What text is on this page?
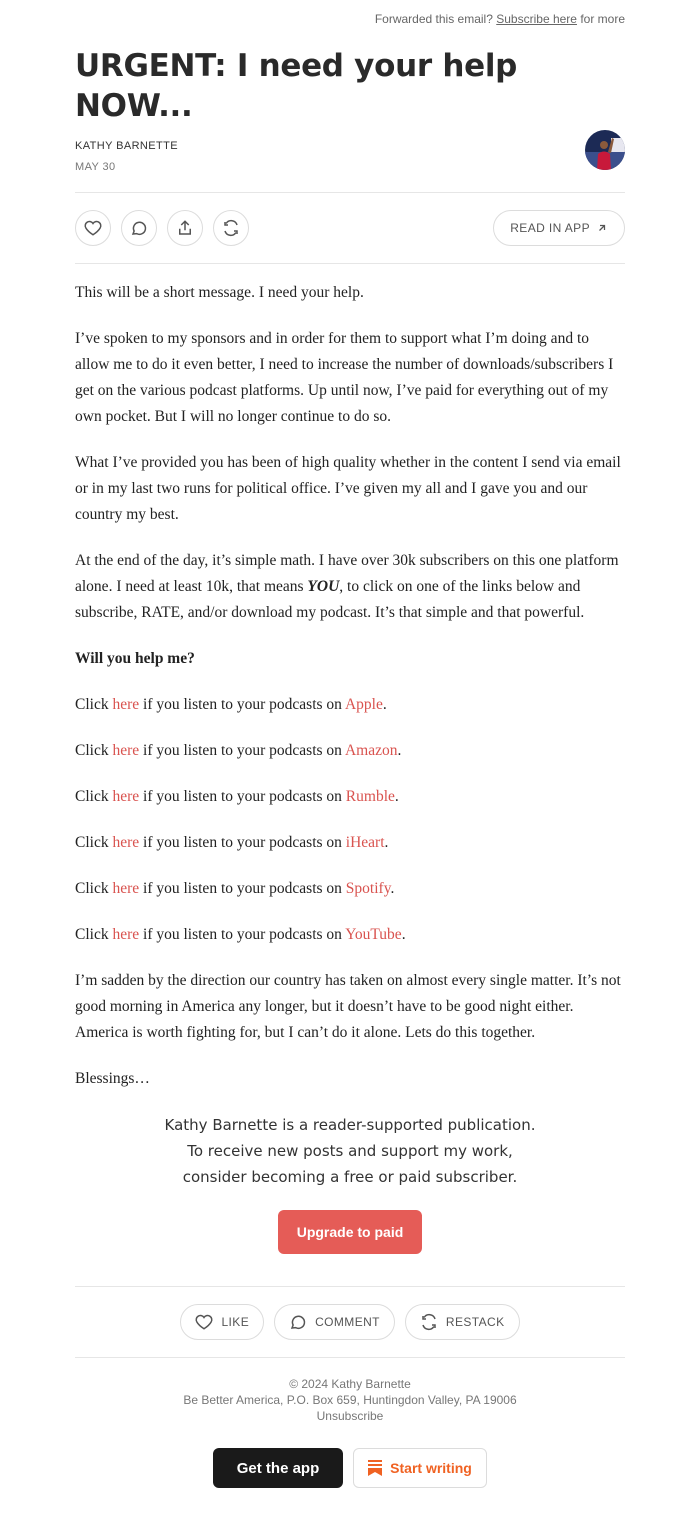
Forwarded this email? Subscribe here for more
URGENT: I need your help NOW...
KATHY BARNETTE
MAY 30
READ IN APP

This will be a short message. I need your help.

I’ve spoken to my sponsors and in order for them to support what I’m doing and to allow me to do it even better, I need to increase the number of downloads/subscribers I get on the various podcast platforms. Up until now, I’ve paid for everything out of my own pocket. But I will no longer continue to do so.

What I’ve provided you has been of high quality whether in the content I send via email or in my last two runs for political office. I’ve given my all and I gave you and our country my best.

At the end of the day, it’s simple math. I have over 30k subscribers on this one platform alone. I need at least 10k, that means YOU, to click on one of the links below and subscribe, RATE, and/or download my podcast. It’s that simple and that powerful.

Will you help me?

Click here if you listen to your podcasts on Apple.

Click here if you listen to your podcasts on Amazon.

Click here if you listen to your podcasts on Rumble.

Click here if you listen to your podcasts on iHeart.

Click here if you listen to your podcasts on Spotify.

Click here if you listen to your podcasts on YouTube.

I’m sadden by the direction our country has taken on almost every single matter. It’s not good morning in America any longer, but it doesn’t have to be good night either. America is worth fighting for, but I can’t do it alone. Lets do this together.

Blessings…

Kathy Barnette is a reader-supported publication. To receive new posts and support my work, consider becoming a free or paid subscriber.
Upgrade to paid
LIKE	COMMENT	RESTACK
© 2024 Kathy Barnette
Be Better America, P.O. Box 659, Huntingdon Valley, PA 19006
Unsubscribe
Get the app	Start writing
